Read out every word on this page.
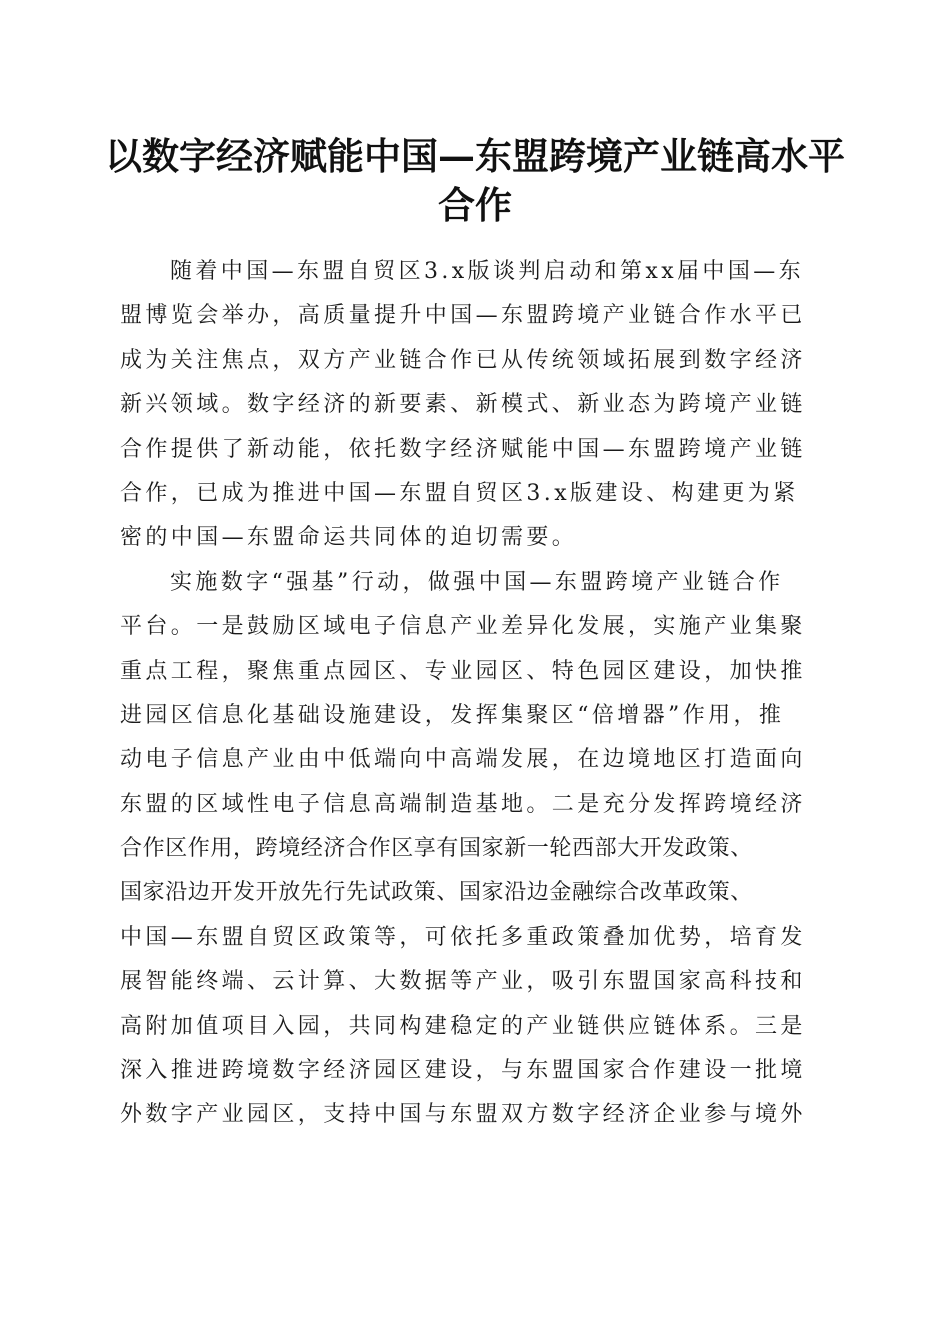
以数字经济赋能中国—东盟跨境产业链高水平
合作
随着中国—东盟自贸区3.x版谈判启动和第xx届中国—东
盟博览会举办，高质量提升中国—东盟跨境产业链合作水平已
成为关注焦点，双方产业链合作已从传统领域拓展到数字经济
新兴领域。数字经济的新要素、新模式、新业态为跨境产业链
合作提供了新动能，依托数字经济赋能中国—东盟跨境产业链
合作，已成为推进中国—东盟自贸区3.x版建设、构建更为紧
密的中国—东盟命运共同体的迫切需要。
实施数字“强基”行动，做强中国—东盟跨境产业链合作
平台。一是鼓励区域电子信息产业差异化发展，实施产业集聚
重点工程，聚焦重点园区、专业园区、特色园区建设，加快推
进园区信息化基础设施建设，发挥集聚区“倍增器”作用，推
动电子信息产业由中低端向中高端发展，在边境地区打造面向
东盟的区域性电子信息高端制造基地。二是充分发挥跨境经济
合作区作用，跨境经济合作区享有国家新一轮西部大开发政策、
国家沿边开发开放先行先试政策、国家沿边金融综合改革政策、
中国—东盟自贸区政策等，可依托多重政策叠加优势，培育发
展智能终端、云计算、大数据等产业，吸引东盟国家高科技和
高附加值项目入园，共同构建稳定的产业链供应链体系。三是
深入推进跨境数字经济园区建设，与东盟国家合作建设一批境
外数字产业园区，支持中国与东盟双方数字经济企业参与境外
